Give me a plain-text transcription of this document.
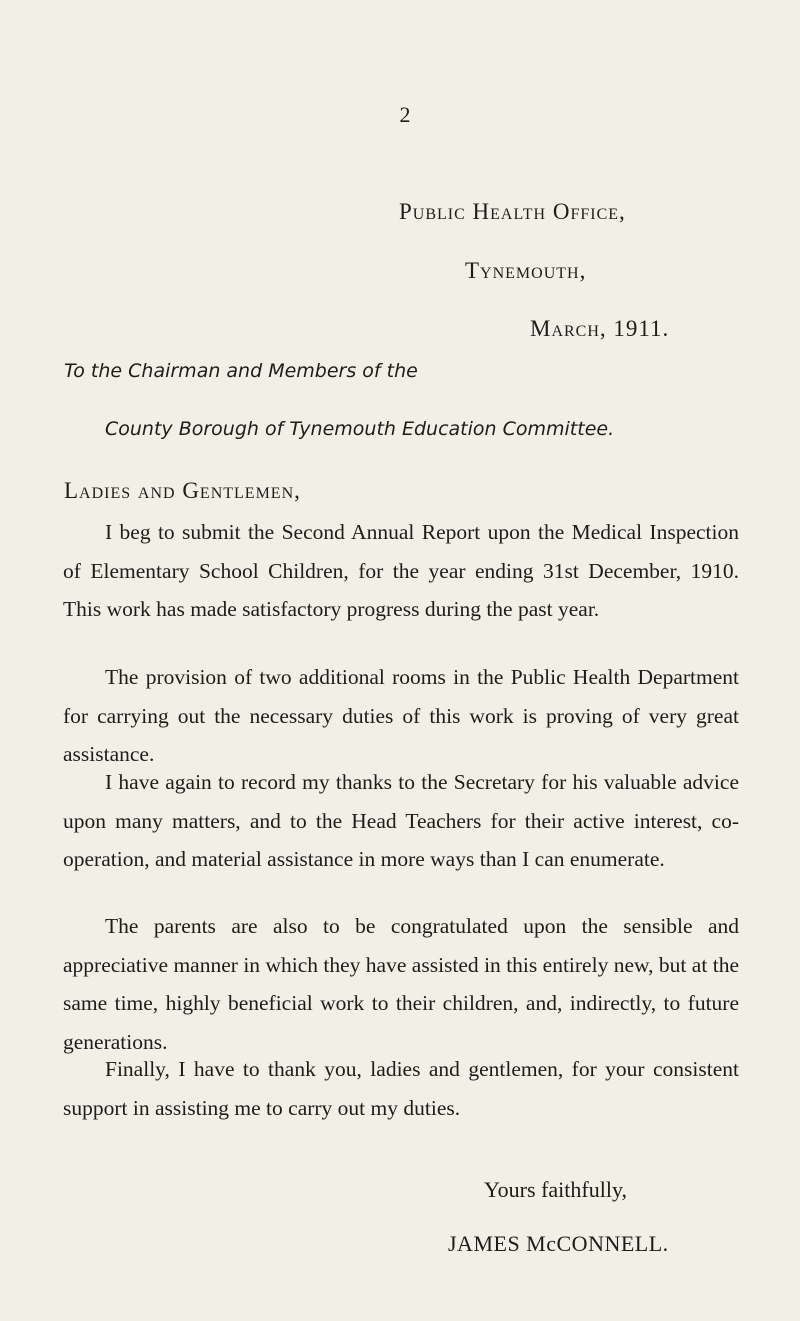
2
Public Health Office,
Tynemouth,
March, 1911.
To the Chairman and Members of the
County Borough of Tynemouth Education Committee.
Ladies and Gentlemen,

I beg to submit the Second Annual Report upon the Medical Inspection of Elementary School Children, for the year ending 31st December, 1910. This work has made satisfactory progress during the past year.

The provision of two additional rooms in the Public Health Department for carrying out the necessary duties of this work is proving of very great assistance.

I have again to record my thanks to the Secretary for his valuable advice upon many matters, and to the Head Teachers for their active interest, co-operation, and material assistance in more ways than I can enumerate.

The parents are also to be congratulated upon the sensible and appreciative manner in which they have assisted in this entirely new, but at the same time, highly beneficial work to their children, and, indirectly, to future generations.

Finally, I have to thank you, ladies and gentlemen, for your consistent support in assisting me to carry out my duties.

Yours faithfully,
JAMES McCONNELL.
